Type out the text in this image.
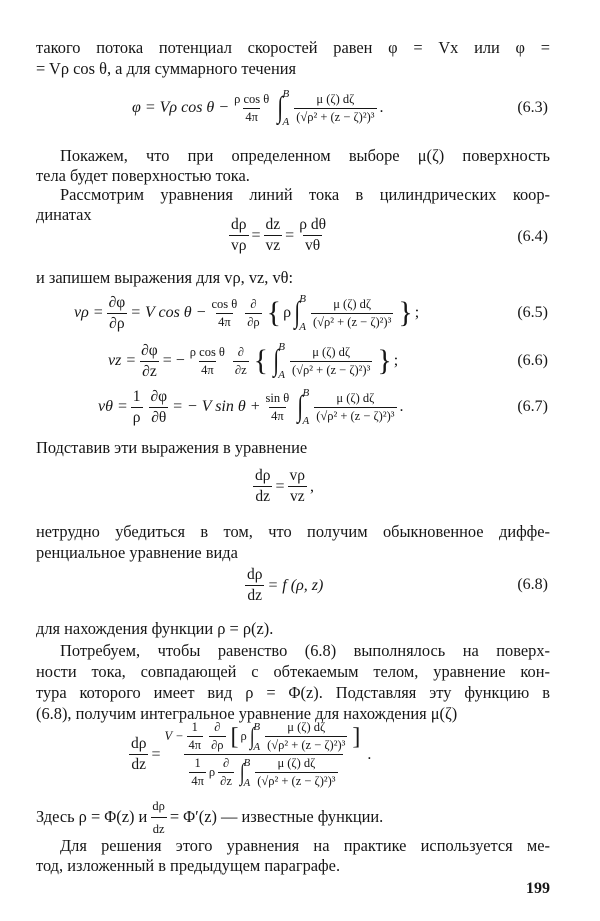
такого потока потенциал скоростей равен φ = Vx или φ =
= Vρ cos θ, а для суммарного течения
φ = Vρ $\cos \theta - \frac{\text{ρ cos θ}}{4\pi}$ ∫ B
A $\frac{\mu (\zeta) d\zeta}{\text{(√ρ² + (z − ζ)²)³}}$ .	(6.3)
Покажем, что при определенном выборе μ(ζ) поверхность
тела будет поверхностью тока.
Рассмотрим уравнения линий тока в цилиндрических коор-
динатах
$\frac{d\rho}{v\rho} = \frac{dz}{vz} = \frac{\text{ρ dθ}}{v\theta}$	(6.4)
и запишем выражения для vρ, vz, vθ:
$v\rho = \frac{\partial\varphi}{\partial\rho} = V$ $\cos \theta - \frac{\text{cos θ}}{4\pi} \frac{\partial}{\partial\rho}$ { ρ ∫ B
A $\frac{\mu (\zeta) d\zeta}{\text{(√ρ² + (z − ζ)²)³}}$ } ;	(6.5)
vz = $\frac{\partial\varphi}{\partial z}$ = − $\frac{\text{ρ cos θ}}{4\pi} \frac{\partial}{\partial z}$ { ∫ B
A $\frac{\mu (\zeta) d\zeta}{\text{(√ρ² + (z − ζ)²)³}}$ } ;	(6.6)
$v\theta = \frac{1}{\rho} \frac{\partial\varphi}{\partial\theta}$ = − V $\sin \theta + \frac{\text{sin θ}}{4\pi}$ ∫ B
A $\frac{\mu (\zeta) d\zeta}{\text{(√ρ² + (z − ζ)²)³}}$ .	(6.7)
Подставив эти выражения в уравнение
$\frac{d\rho}{dz} = \frac{v\rho}{vz}$ ,
нетрудно убедиться в том, что получим обыкновенное диффе-
ренциальное уравнение вида
$\frac{d\rho}{dz} = f$ (ρ, z)	(6.8)
для нахождения функции ρ = ρ(z).
Потребуем, чтобы равенство (6.8) выполнялось на поверх-
ности тока, совпадающей с обтекаемым телом, уравнение кон-
тура которого имеет вид ρ = Φ(z). Подставляя эту функцию в
(6.8), получим интегральное уравнение для нахождения μ(ζ)
$\frac{d\rho}{dz}$ =
$V - \frac{1}{4\pi} \frac{\partial}{\partial\rho}$ [ ρ ∫
B
A $\frac{\mu (\zeta) d\zeta}{\text{(√ρ² + (z − ζ)²)³}}$ ]
$\frac{1}{4\pi}$ ρ $\frac{\partial}{\partial z}$ ∫
B
A $\frac{\mu (\zeta) d\zeta}{\text{(√ρ² + (z − ζ)²)³}}$
.
Здесь ρ = Φ(z) и $\frac{d\rho}{dz} = \Phi'(z)$ — известные функции.
Для решения этого уравнения на практике используется ме-
тод, изложенный в предыдущем параграфе.
199
